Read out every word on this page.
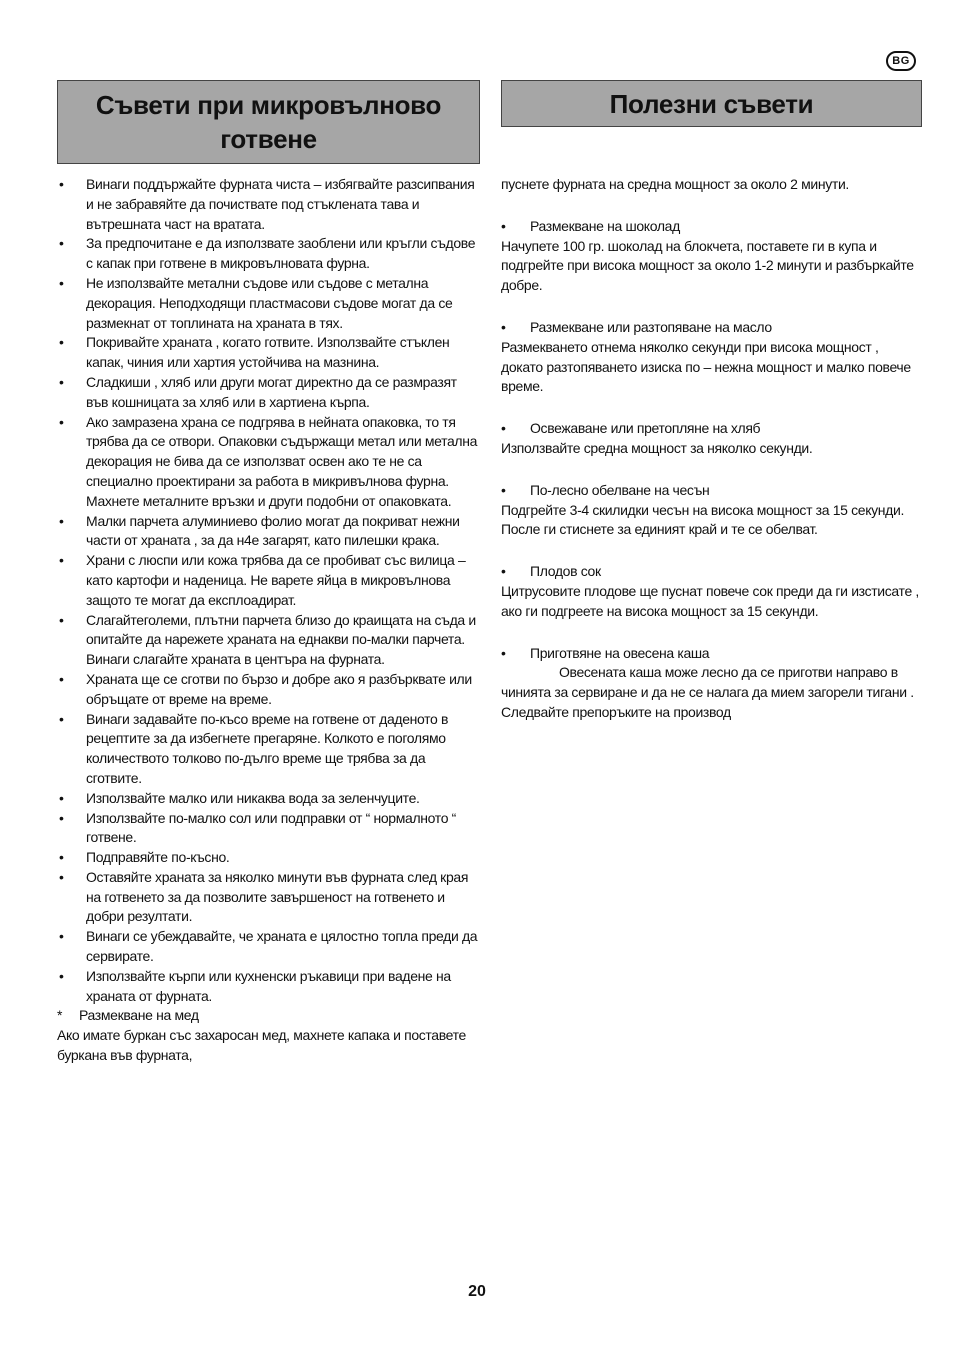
BG
Съвети при микровълново
готвене
Полезни съвети
• Винаги поддържайте фурната чиста – избягвайте разсипвания и не забравяйте да почиствате под стъклената тава и вътрешната част на вратата.
• За предпочитане е да използвате заоблени или кръгли съдове с капак при готвене в микровълновата фурна.
• Не използвайте метални съдове или съдове с метална декорация. Неподходящи пластмасови съдове могат да се размекнат от топлината на храната в тях.
• Покривайте храната , когато готвите. Използвайте стъклен капак, чиния или хартия устойчива на мазнина.
• Сладкиши , хляб или други могат директно да се размразят във кошницата за хляб или в хартиена кърпа.
• Ако замразена храна се подгрява в нейната опаковка, то тя трябва да се отвори. Опаковки съдържащи метал или метална декорация не бива да се използват освен ако те не са специално проектирани за работа в микривълнова фурна. Махнете металните връзки и други подобни от опаковката.
• Малки парчета алуминиево фолио могат да покриват нежни части от храната , за да н4е загарят, като пилешки крака.
• Храни с люспи или кожа трябва да се пробиват със вилица – като картофи и наденица. Не варете яйца в микровълнова защото те могат да експлоадират.
• Слагайтеголеми, плътни парчета близо до краищата на съда и опитайте да нарежете храната на еднакви по-малки парчета. Винаги слагайте храната в центъра на фурната.
• Храната ще се сготви по бързо и добре ако я разбърквате или обръщате от време на време.
• Винаги задавайте по-късо време на готвене от даденото в рецептите за да избегнете прегаряне. Колкото е поголямо количеството толково по-дълго време ще трябва за да сготвите.
• Използвайте малко или никаква вода за зеленчуците.
• Използвайте по-малко сол или подправки от “ нормалното “ готвене.
• Подправяйте по-късно.
• Оставяйте храната за няколко минути във фурната след края на готвенето за да позволите завършеност на готвенето и добри резултати.
• Винаги се убеждавайте, че храната е цялостно топла преди да сервирате.
• Използвайте кърпи или кухненски ръкавици при вадене на храната от фурната.
* Размекване на мед

Ако имате буркан със захаросан мед, махнете капака и поставете буркана във фурната,

пуснете фурната на средна мощност за около 2 минути.

• Размекване на шоколад

Начупете 100 гр. шоколад на блокчета, поставете ги в купа и подгрейте при висока мощност за около 1-2 минути и разбъркайте добре.

• Размекване или разтопяване на масло

Размекването отнема няколко секунди при висока мощност , докато разтопяването изиска по – нежна мощност и малко повече време.

• Освежаване или претопляне на хляб

Използвайте средна мощност за няколко секунди.

• По-лесно обелване на чесън

Подгрейте 3-4 скилидки чесън на висока мощност за 15 секунди. После ги стиснете за единият край и те се обелват.

• Плодов сок

Цитрусовите плодове ще пуснат повече сок преди да ги изстисате , ако ги подгреете на висока мощност за 15 секунди.

• Приготвяне на овесена каша

Овесената каша може лесно да се приготви направо в чинията за сервиране и да не се налага да мием загорели тигани . Следвайте препоръките на производ

20
